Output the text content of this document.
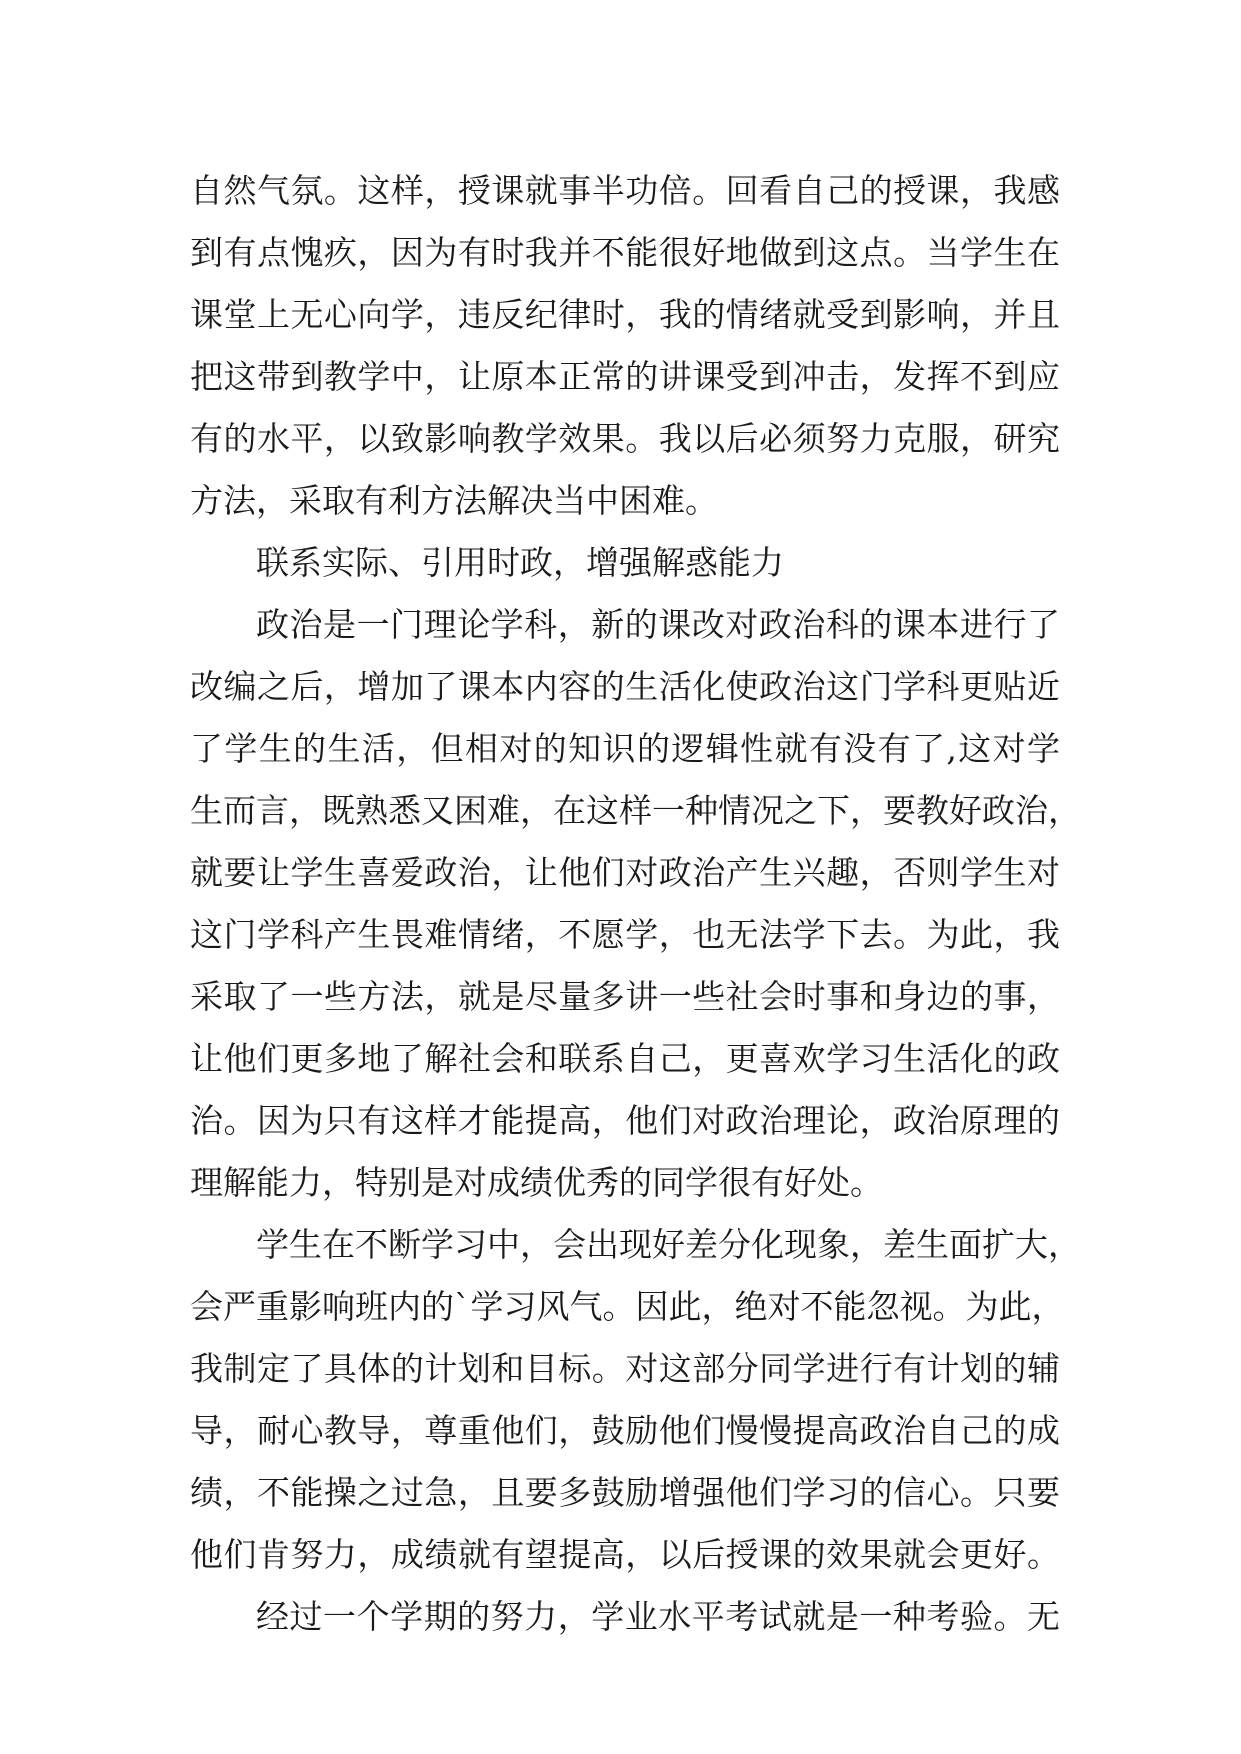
自然气氛。这样，授课就事半功倍。回看自己的授课，我感
到有点愧疚，因为有时我并不能很好地做到这点。当学生在
课堂上无心向学，违反纪律时，我的情绪就受到影响，并且
把这带到教学中，让原本正常的讲课受到冲击，发挥不到应
有的水平，以致影响教学效果。我以后必须努力克服，研究
方法，采取有利方法解决当中困难。
联系实际、引用时政，增强解惑能力
政治是一门理论学科，新的课改对政治科的课本进行了
改编之后，增加了课本内容的生活化使政治这门学科更贴近
了学生的生活，但相对的知识的逻辑性就有没有了,这对学
生而言，既熟悉又困难，在这样一种情况之下，要教好政治，
就要让学生喜爱政治，让他们对政治产生兴趣，否则学生对
这门学科产生畏难情绪，不愿学，也无法学下去。为此，我
采取了一些方法，就是尽量多讲一些社会时事和身边的事，
让他们更多地了解社会和联系自己，更喜欢学习生活化的政
治。因为只有这样才能提高，他们对政治理论，政治原理的
理解能力，特别是对成绩优秀的同学很有好处。
学生在不断学习中，会出现好差分化现象，差生面扩大，
会严重影响班内的`学习风气。因此，绝对不能忽视。为此，
我制定了具体的计划和目标。对这部分同学进行有计划的辅
导，耐心教导，尊重他们，鼓励他们慢慢提高政治自己的成
绩，不能操之过急，且要多鼓励增强他们学习的信心。只要
他们肯努力，成绩就有望提高，以后授课的效果就会更好。
经过一个学期的努力，学业水平考试就是一种考验。无
